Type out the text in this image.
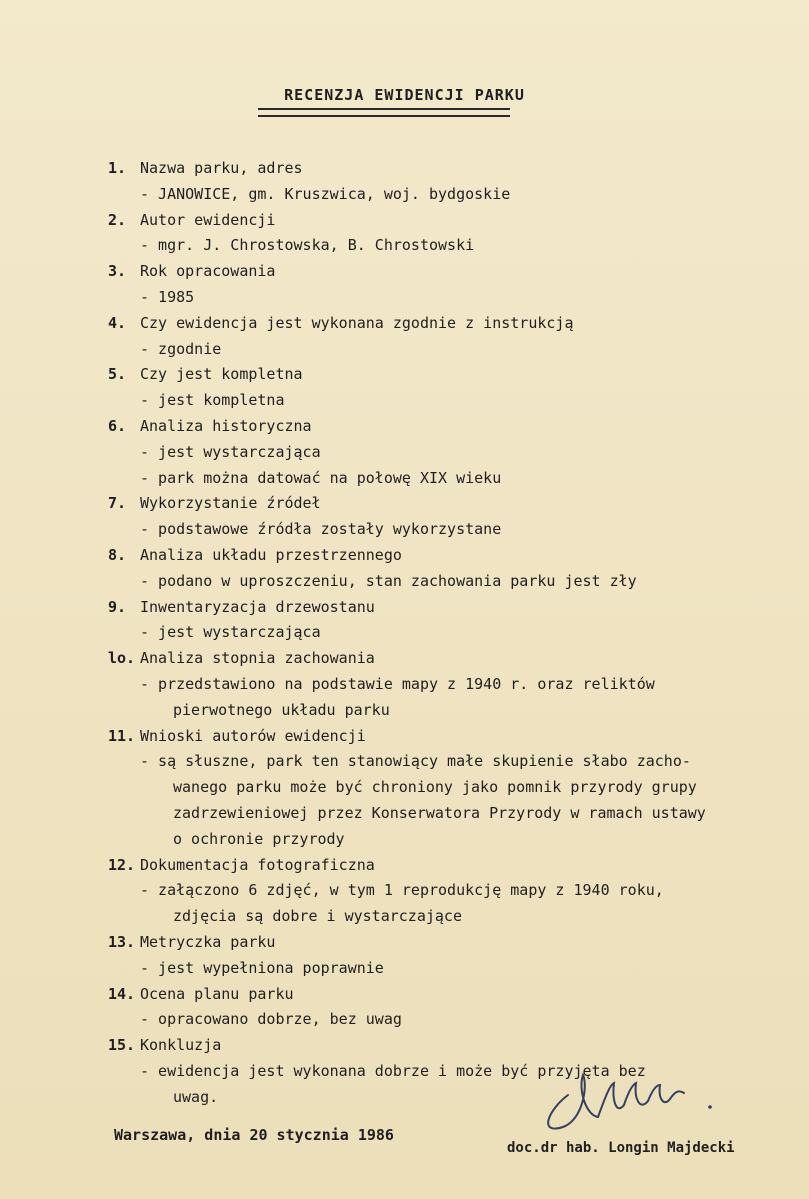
RECENZJA EWIDENCJI PARKU
1. Nazwa parku, adres
- JANOWICE, gm. Kruszwica, woj. bydgoskie
2. Autor ewidencji
- mgr. J. Chrostowska, B. Chrostowski
3. Rok opracowania
- 1985
4. Czy ewidencja jest wykonana zgodnie z instrukcją
- zgodnie
5. Czy jest kompletna
- jest kompletna
6. Analiza historyczna
- jest wystarczająca
- park można datować na połowę XIX wieku
7. Wykorzystanie źródeł
- podstawowe źródła zostały wykorzystane
8. Analiza układu przestrzennego
- podano w uproszczeniu, stan zachowania parku jest zły
9. Inwentaryzacja drzewostanu
- jest wystarczająca
lo. Analiza stopnia zachowania
- przedstawiono na podstawie mapy z 1940 r. oraz reliktów
pierwotnego układu parku
11. Wnioski autorów ewidencji
- są słuszne, park ten stanowiący małe skupienie słabo zacho-
wanego parku może być chroniony jako pomnik przyrody grupy
zadrzewieniowej przez Konserwatora Przyrody w ramach ustawy
o ochronie przyrody
12. Dokumentacja fotograficzna
- załączono 6 zdjęć, w tym 1 reprodukcję mapy z 1940 roku,
zdjęcia są dobre i wystarczające
13. Metryczka parku
- jest wypełniona poprawnie
14. Ocena planu parku
- opracowano dobrze, bez uwag
15. Konkluzja
- ewidencja jest wykonana dobrze i może być przyjęta bez
uwag.
Warszawa, dnia 20 stycznia 1986
doc.dr hab. Longin Majdecki
